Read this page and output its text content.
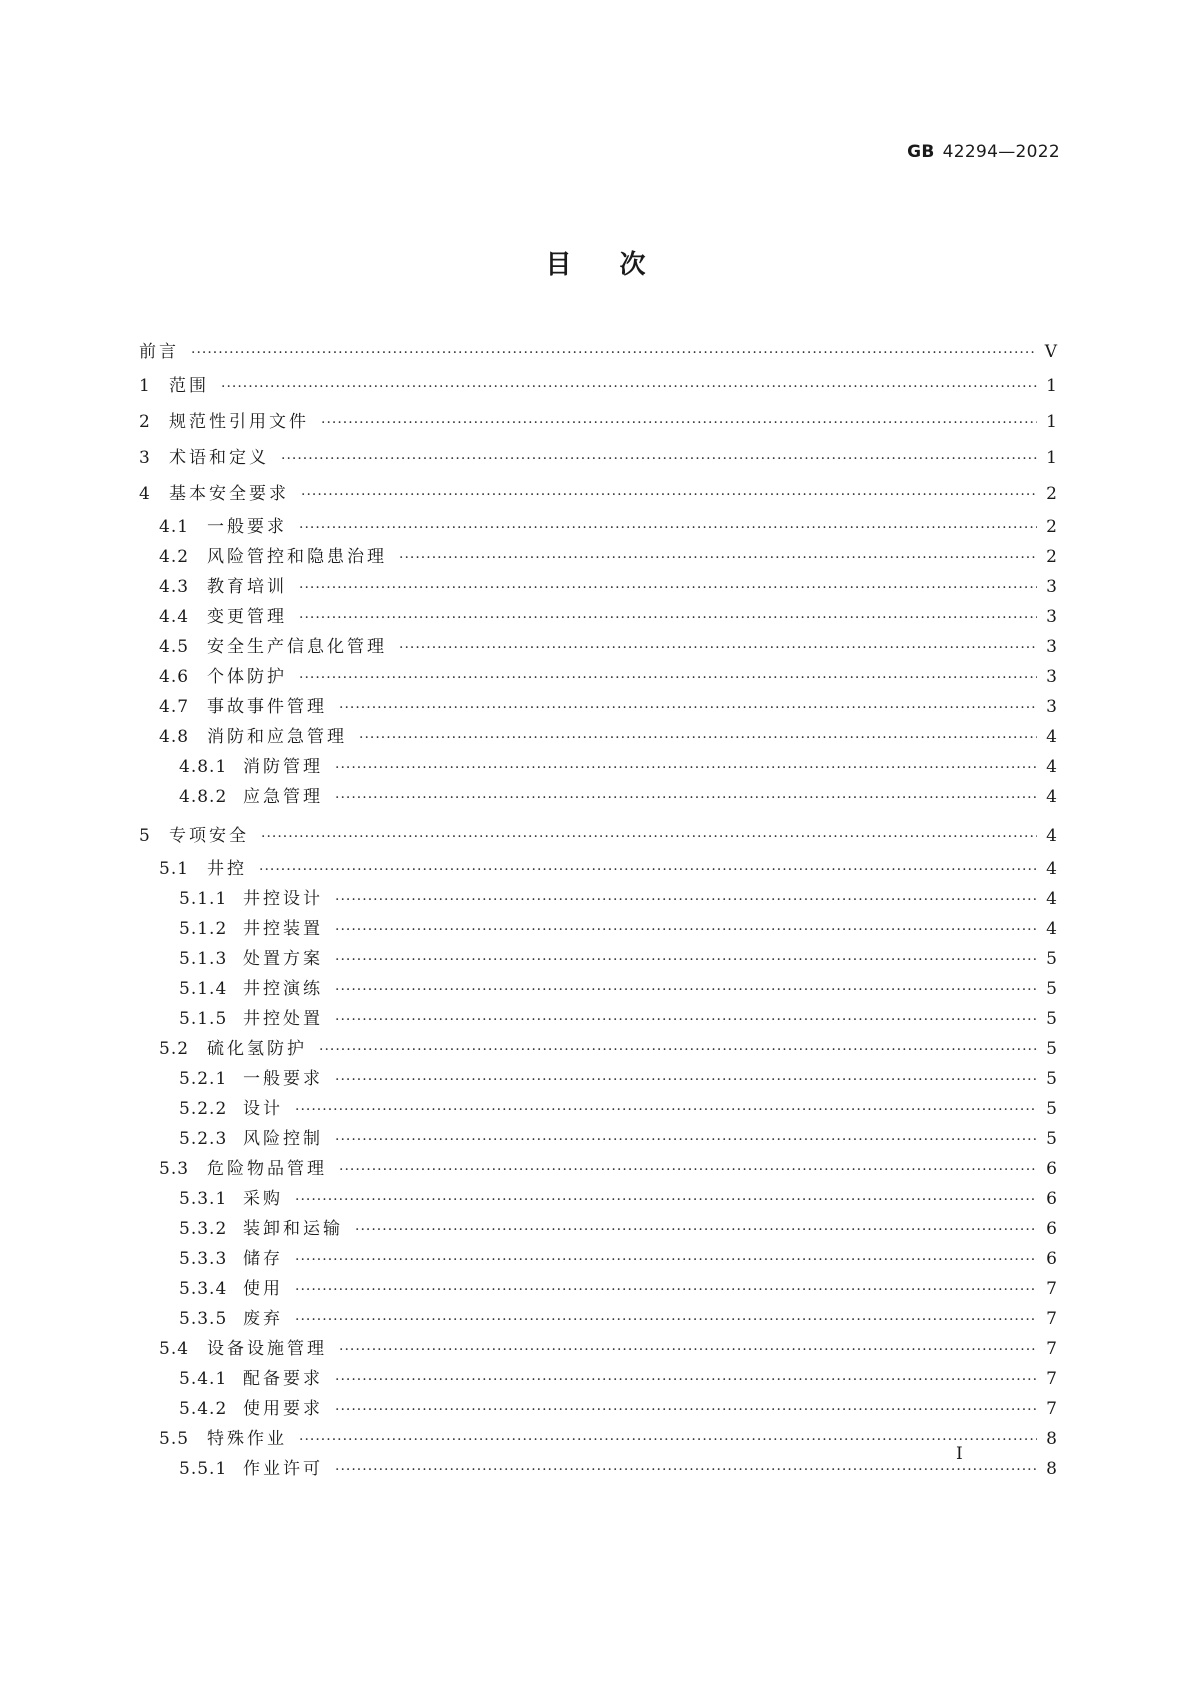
GB 42294—2022
目次
前言 ·····	V
1	范围 ·····	1
2	规范性引用文件 ·····	1
3	术语和定义 ·····	1
4	基本安全要求 ·····	2
4.1	一般要求 ·····	2
4.2	风险管控和隐患治理 ·····	2
4.3	教育培训 ·····	3
4.4	变更管理 ·····	3
4.5	安全生产信息化管理 ·····	3
4.6	个体防护 ·····	3
4.7	事故事件管理 ·····	3
4.8	消防和应急管理 ·····	4
4.8.1 消防管理 ·····	4
4.8.2 应急管理 ·····	4
5	专项安全 ·····	4
5.1	井控 ·····	4
5.1.1 井控设计 ·····	4
5.1.2 井控装置 ·····	4
5.1.3 处置方案 ·····	5
5.1.4 井控演练 ·····	5
5.1.5 井控处置 ·····	5
5.2	硫化氢防护 ·····	5
5.2.1 一般要求 ·····	5
5.2.2 设计 ·····	5
5.2.3 风险控制 ·····	5
5.3	危险物品管理 ·····	6
5.3.1 采购 ·····	6
5.3.2 装卸和运输 ·····	6
5.3.3 储存 ·····	6
5.3.4 使用 ·····	7
5.3.5 废弃 ·····	7
5.4	设备设施管理 ·····	7
5.4.1 配备要求 ·····	7
5.4.2 使用要求 ·····	7
5.5	特殊作业 ·····	8
5.5.1 作业许可 ·····	8
I
